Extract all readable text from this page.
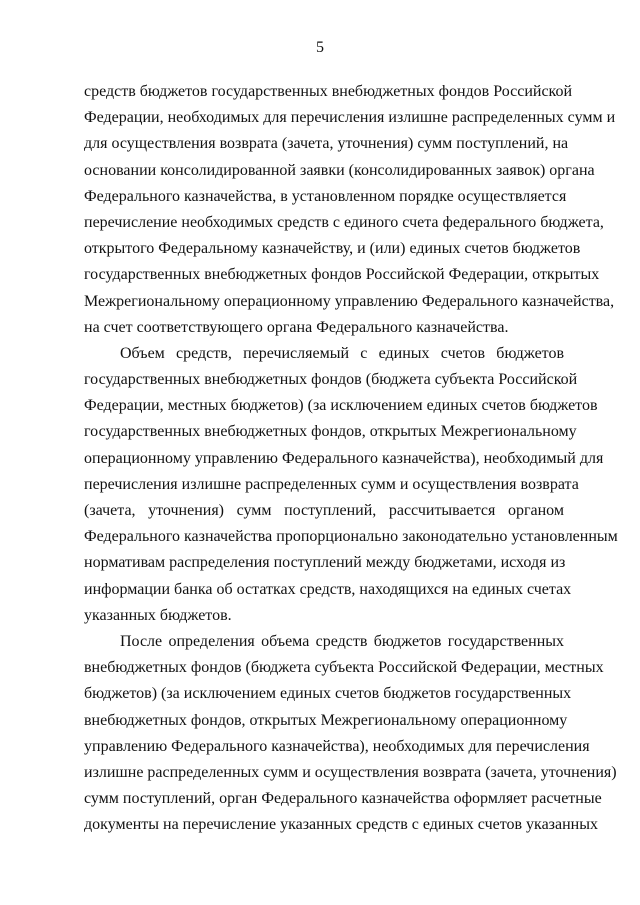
5
средств бюджетов государственных внебюджетных фондов Российской
Федерации, необходимых для перечисления излишне распределенных сумм и
для осуществления возврата (зачета, уточнения) сумм поступлений, на
основании консолидированной заявки (консолидированных заявок) органа
Федерального казначейства, в установленном порядке осуществляется
перечисление необходимых средств с единого счета федерального бюджета,
открытого Федеральному казначейству, и (или) единых счетов бюджетов
государственных внебюджетных фондов Российской Федерации, открытых
Межрегиональному операционному управлению Федерального казначейства,
на счет соответствующего органа Федерального казначейства.
Объем средств, перечисляемый с единых счетов бюджетов
государственных внебюджетных фондов (бюджета субъекта Российской
Федерации, местных бюджетов) (за исключением единых счетов бюджетов
государственных внебюджетных фондов, открытых Межрегиональному
операционному управлению Федерального казначейства), необходимый для
перечисления излишне распределенных сумм и осуществления возврата
(зачета, уточнения) сумм поступлений, рассчитывается органом
Федерального казначейства пропорционально законодательно установленным
нормативам распределения поступлений между бюджетами, исходя из
информации банка об остатках средств, находящихся на единых счетах
указанных бюджетов.
После определения объема средств бюджетов государственных
внебюджетных фондов (бюджета субъекта Российской Федерации, местных
бюджетов) (за исключением единых счетов бюджетов государственных
внебюджетных фондов, открытых Межрегиональному операционному
управлению Федерального казначейства), необходимых для перечисления
излишне распределенных сумм и осуществления возврата (зачета, уточнения)
сумм поступлений, орган Федерального казначейства оформляет расчетные
документы на перечисление указанных средств с единых счетов указанных
